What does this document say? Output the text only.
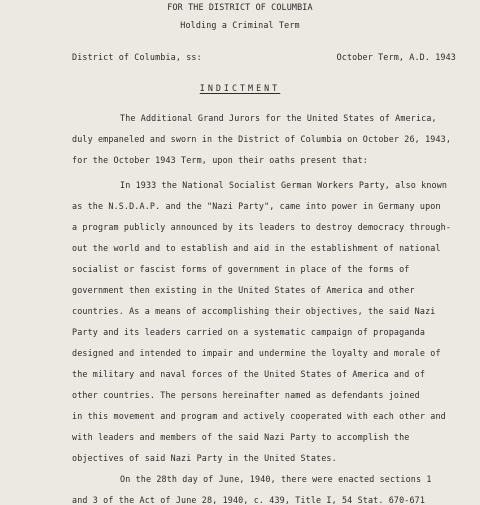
FOR THE DISTRICT OF COLUMBIA
Holding a Criminal Term
District of Columbia, ss:	October Term, A.D. 1943
INDICTMENT
The Additional Grand Jurors for the United States of America,
duly empaneled and sworn in the District of Columbia on October 26, 1943,
for the October 1943 Term, upon their oaths present that:
In 1933 the National Socialist German Workers Party, also known
as the N.S.D.A.P. and the "Nazi Party", came into power in Germany upon
a program publicly announced by its leaders to destroy democracy through-
out the world and to establish and aid in the establishment of national
socialist or fascist forms of government in place of the forms of
government then existing in the United States of America and other
countries. As a means of accomplishing their objectives, the said Nazi
Party and its leaders carried on a systematic campaign of propaganda
designed and intended to impair and undermine the loyalty and morale of
the military and naval forces of the United States of America and of
other countries. The persons hereinafter named as defendants joined
in this movement and program and actively cooperated with each other and
with leaders and members of the said Nazi Party to accomplish the
objectives of said Nazi Party in the United States.
On the 28th day of June, 1940, there were enacted sections 1
and 3 of the Act of June 28, 1940, c. 439, Title I, 54 Stat. 670-671
